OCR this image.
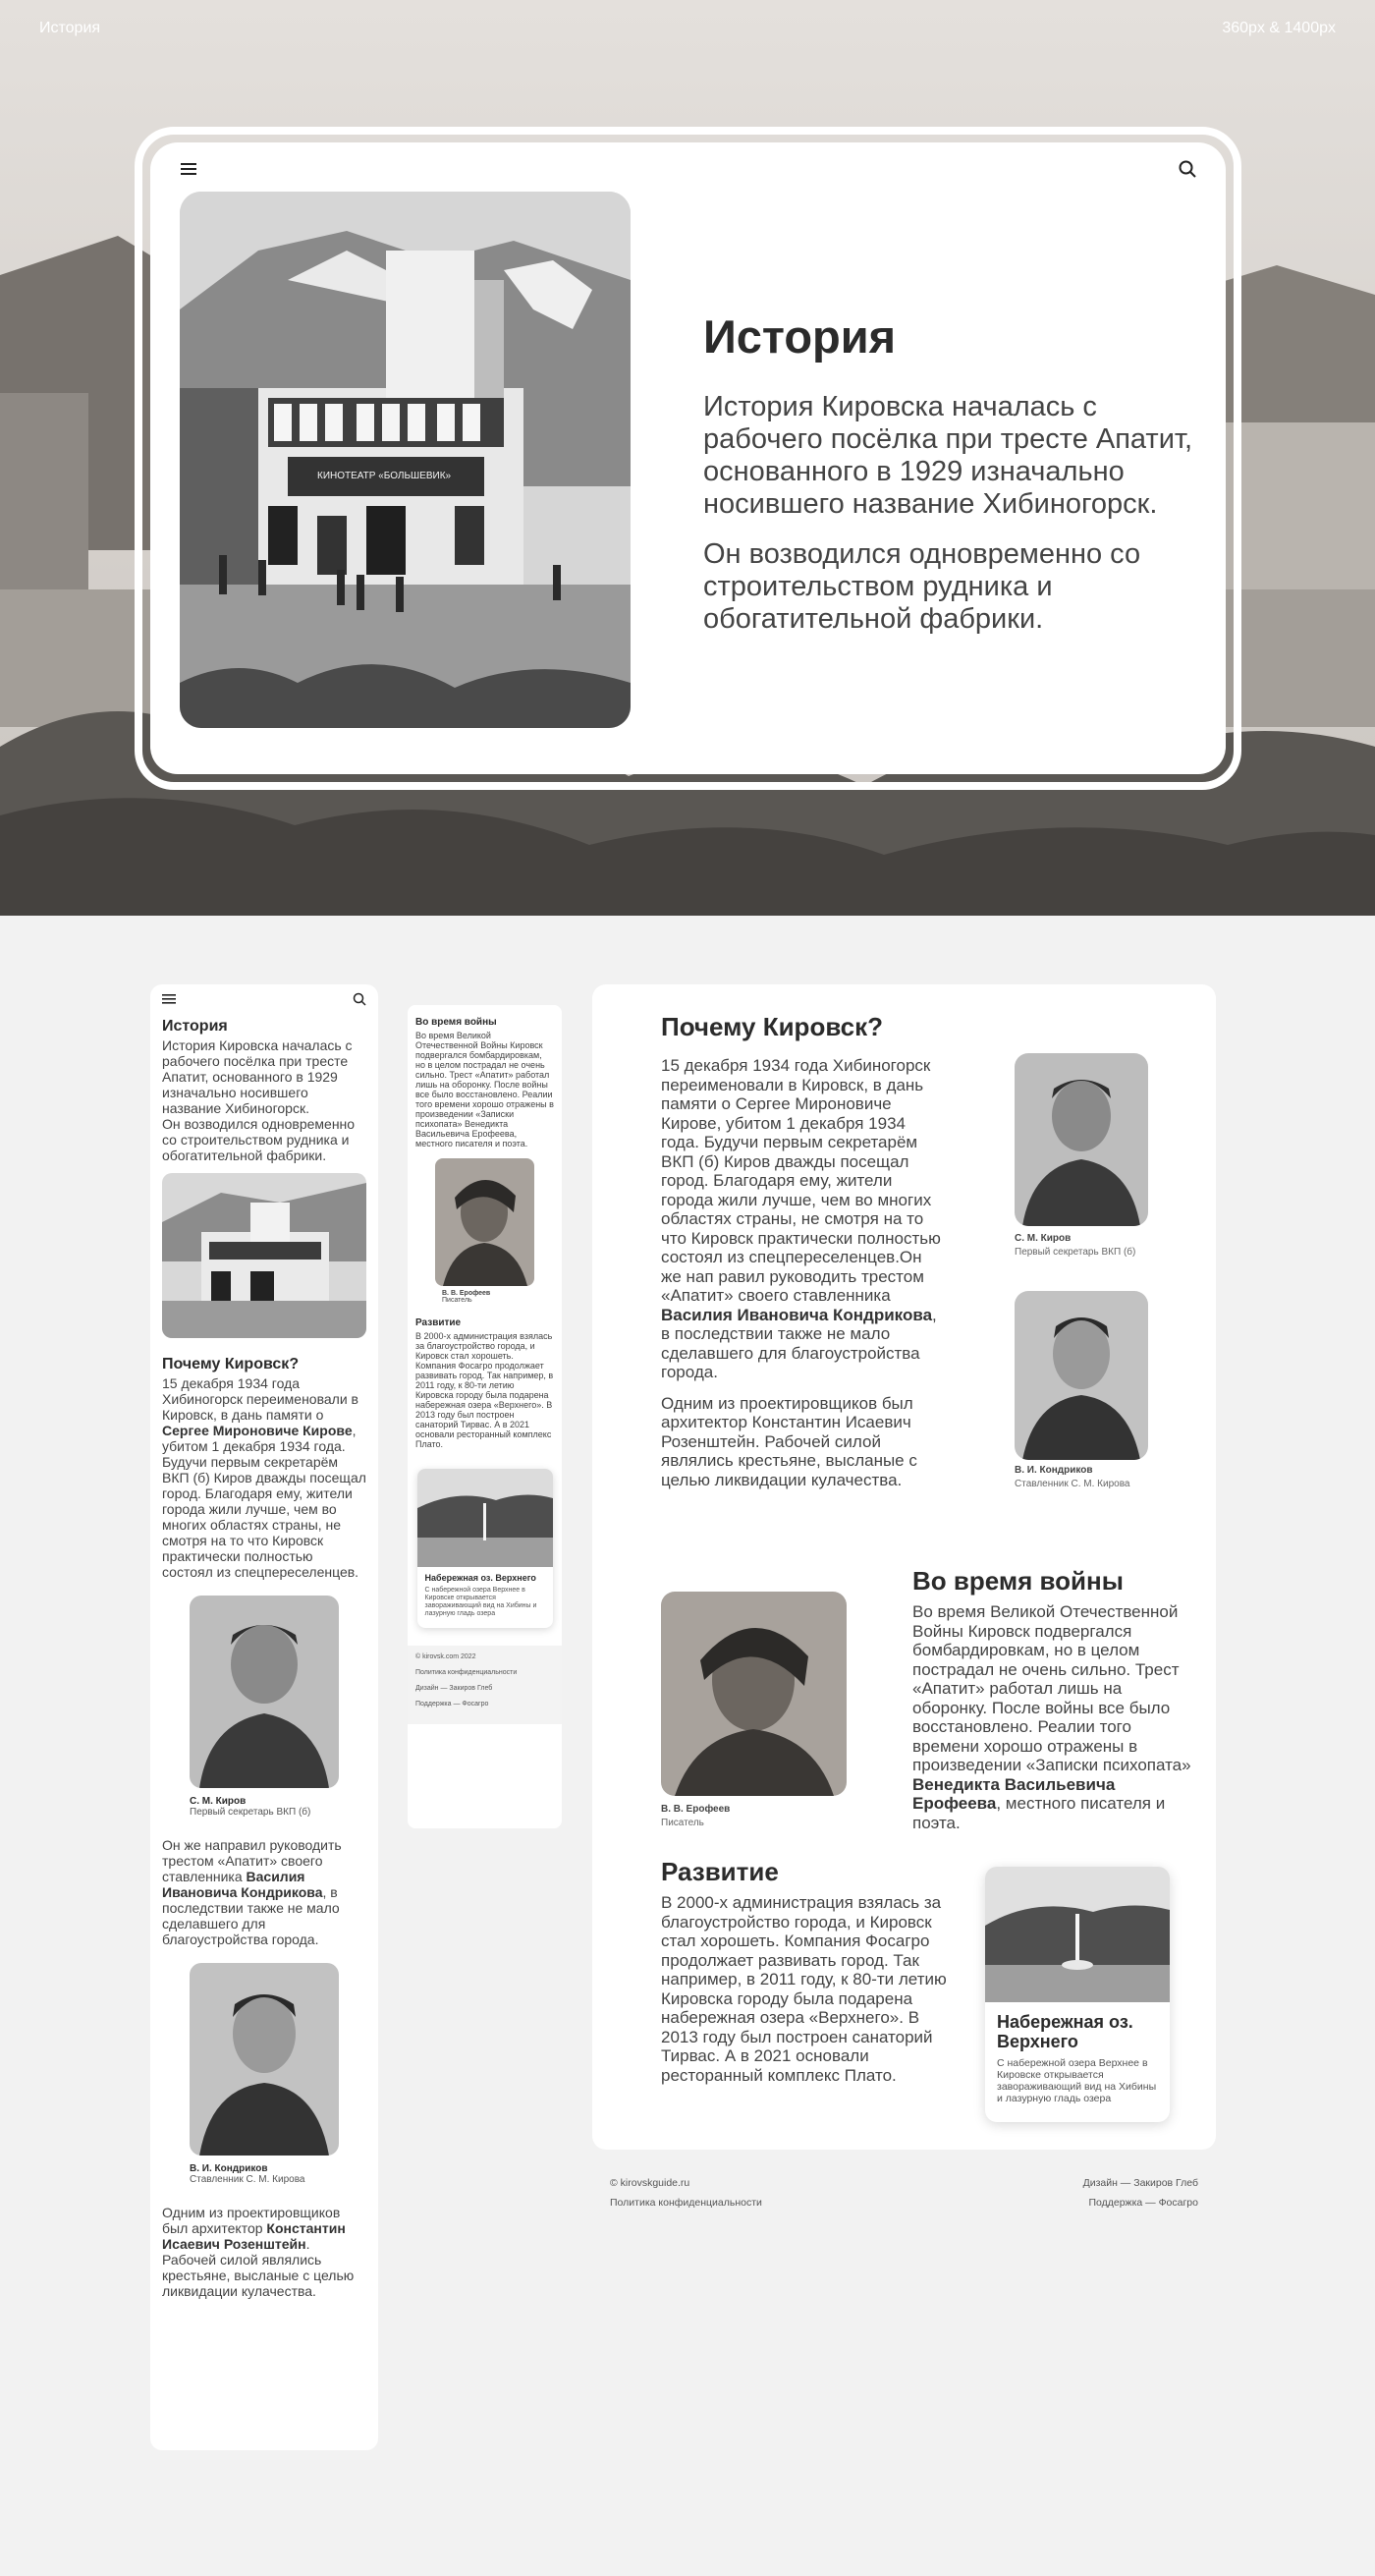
История	360px & 1400px
КИНОТЕАТР «БОЛЬШЕВИК»
История
История Кировска началась с рабочего посёлка при тресте Апатит, основанного в 1929 изначально носившего название Хибиногорск.
Он возводился одновременно со строительством рудника и обогатительной фабрики.
История

История Кировска началась с рабочего посёлка при тресте Апатит, основанного в 1929 изначально носившего название Хибиногорск.

Он возводился одновременно со строительством рудника и обогатительной фабрики.

Почему Кировск?

15 декабря 1934 года Хибиногорск переименовали в Кировск, в дань памяти о Сергее Мироновиче Кирове, убитом 1 декабря 1934 года. Будучи первым секретарём ВКП (б) Киров дважды посещал город. Благодаря ему, жители города жили лучше, чем во многих областях страны, не смотря на то что Кировск практически полностью состоял из спецпереселенцев.

С. М. Киров
Первый секретарь ВКП (б)

Он же направил руководить трестом «Апатит» своего ставленника Василия Ивановича Кондрикова, в последствии также не мало сделавшего для благоустройства города.

В. И. Кондриков
Ставленник С. М. Кирова

Одним из проектировщиков был архитектор Константин Исаевич Розенштейн. Рабочей силой являлись крестьяне, высланые с целью ликвидации кулачества.

Во время войны

Во время Великой Отечественной Войны Кировск подвергался бомбардировкам, но в целом пострадал не очень сильно. Трест «Апатит» работал лишь на оборонку. После войны все было восстановлено. Реалии того времени хорошо отражены в произведении «Записки психопата» Венедикта Васильевича Ерофеева, местного писателя и поэта.

В. В. Ерофеев
Писатель
Развитие

В 2000-х администрация взялась за благоустройство города, и Кировск стал хорошеть. Компания Фосагро продолжает развивать город. Так например, в 2011 году, к 80-ти летию Кировска городу была подарена набережная озера «Верхнего». В 2013 году был построен санаторий Тирвас. А в 2021 основали ресторанный комплекс Плато.

Набережная оз. Верхнего

С набережной озера Верхнее в Кировске открывается завораживающий вид на Хибины и лазурную гладь озера

© kirovsk.com 2022
Политика конфиденциальности
Дизайн — Закиров Глеб
Поддержка — Фосагро
Почему Кировск?

15 декабря 1934 года Хибиногорск переименовали в Кировск, в дань памяти о Сергее Мироновиче Кирове, убитом 1 декабря 1934 года. Будучи первым секретарём ВКП (б) Киров дважды посещал город. Благодаря ему, жители города жили лучше, чем во многих областях страны, не смотря на то что Кировск практически полностью состоял из спецпереселенцев.Он же нап равил руководить трестом «Апатит» своего ставленника Василия Ивановича Кондрикова, в последствии также не мало сделавшего для благоустройства города.

Одним из проектировщиков был архитектор Константин Исаевич Розенштейн. Рабочей силой являлись крестьяне, высланые с целью ликвидации кулачества.

С. М. Киров
Первый секретарь ВКП (б)
В. И. Кондриков
Ставленник С. М. Кирова
В. В. Ерофеев
Писатель
Во время войны

Во время Великой Отечественной Войны Кировск подвергался бомбардировкам, но в целом пострадал не очень сильно. Трест «Апатит» работал лишь на оборонку. После войны все было восстановлено. Реалии того времени хорошо отражены в произведении «Записки психопата» Венедикта Васильевича Ерофеева, местного писателя и поэта.

Развитие

В 2000-х администрация взялась за благоустройство города, и Кировск стал хорошеть. Компания Фосагро продолжает развивать город. Так например, в 2011 году, к 80-ти летию Кировска городу была подарена набережная озера «Верхнего». В 2013 году был построен санаторий Тирвас. А в 2021 основали ресторанный комплекс Плато.

Набережная оз. Верхнего

С набережной озера Верхнее в Кировске открывается завораживающий вид на Хибины и лазурную гладь озера

© kirovskguide.ru
Политика конфиденциальности
Дизайн — Закиров Глеб
Поддержка — Фосагро
